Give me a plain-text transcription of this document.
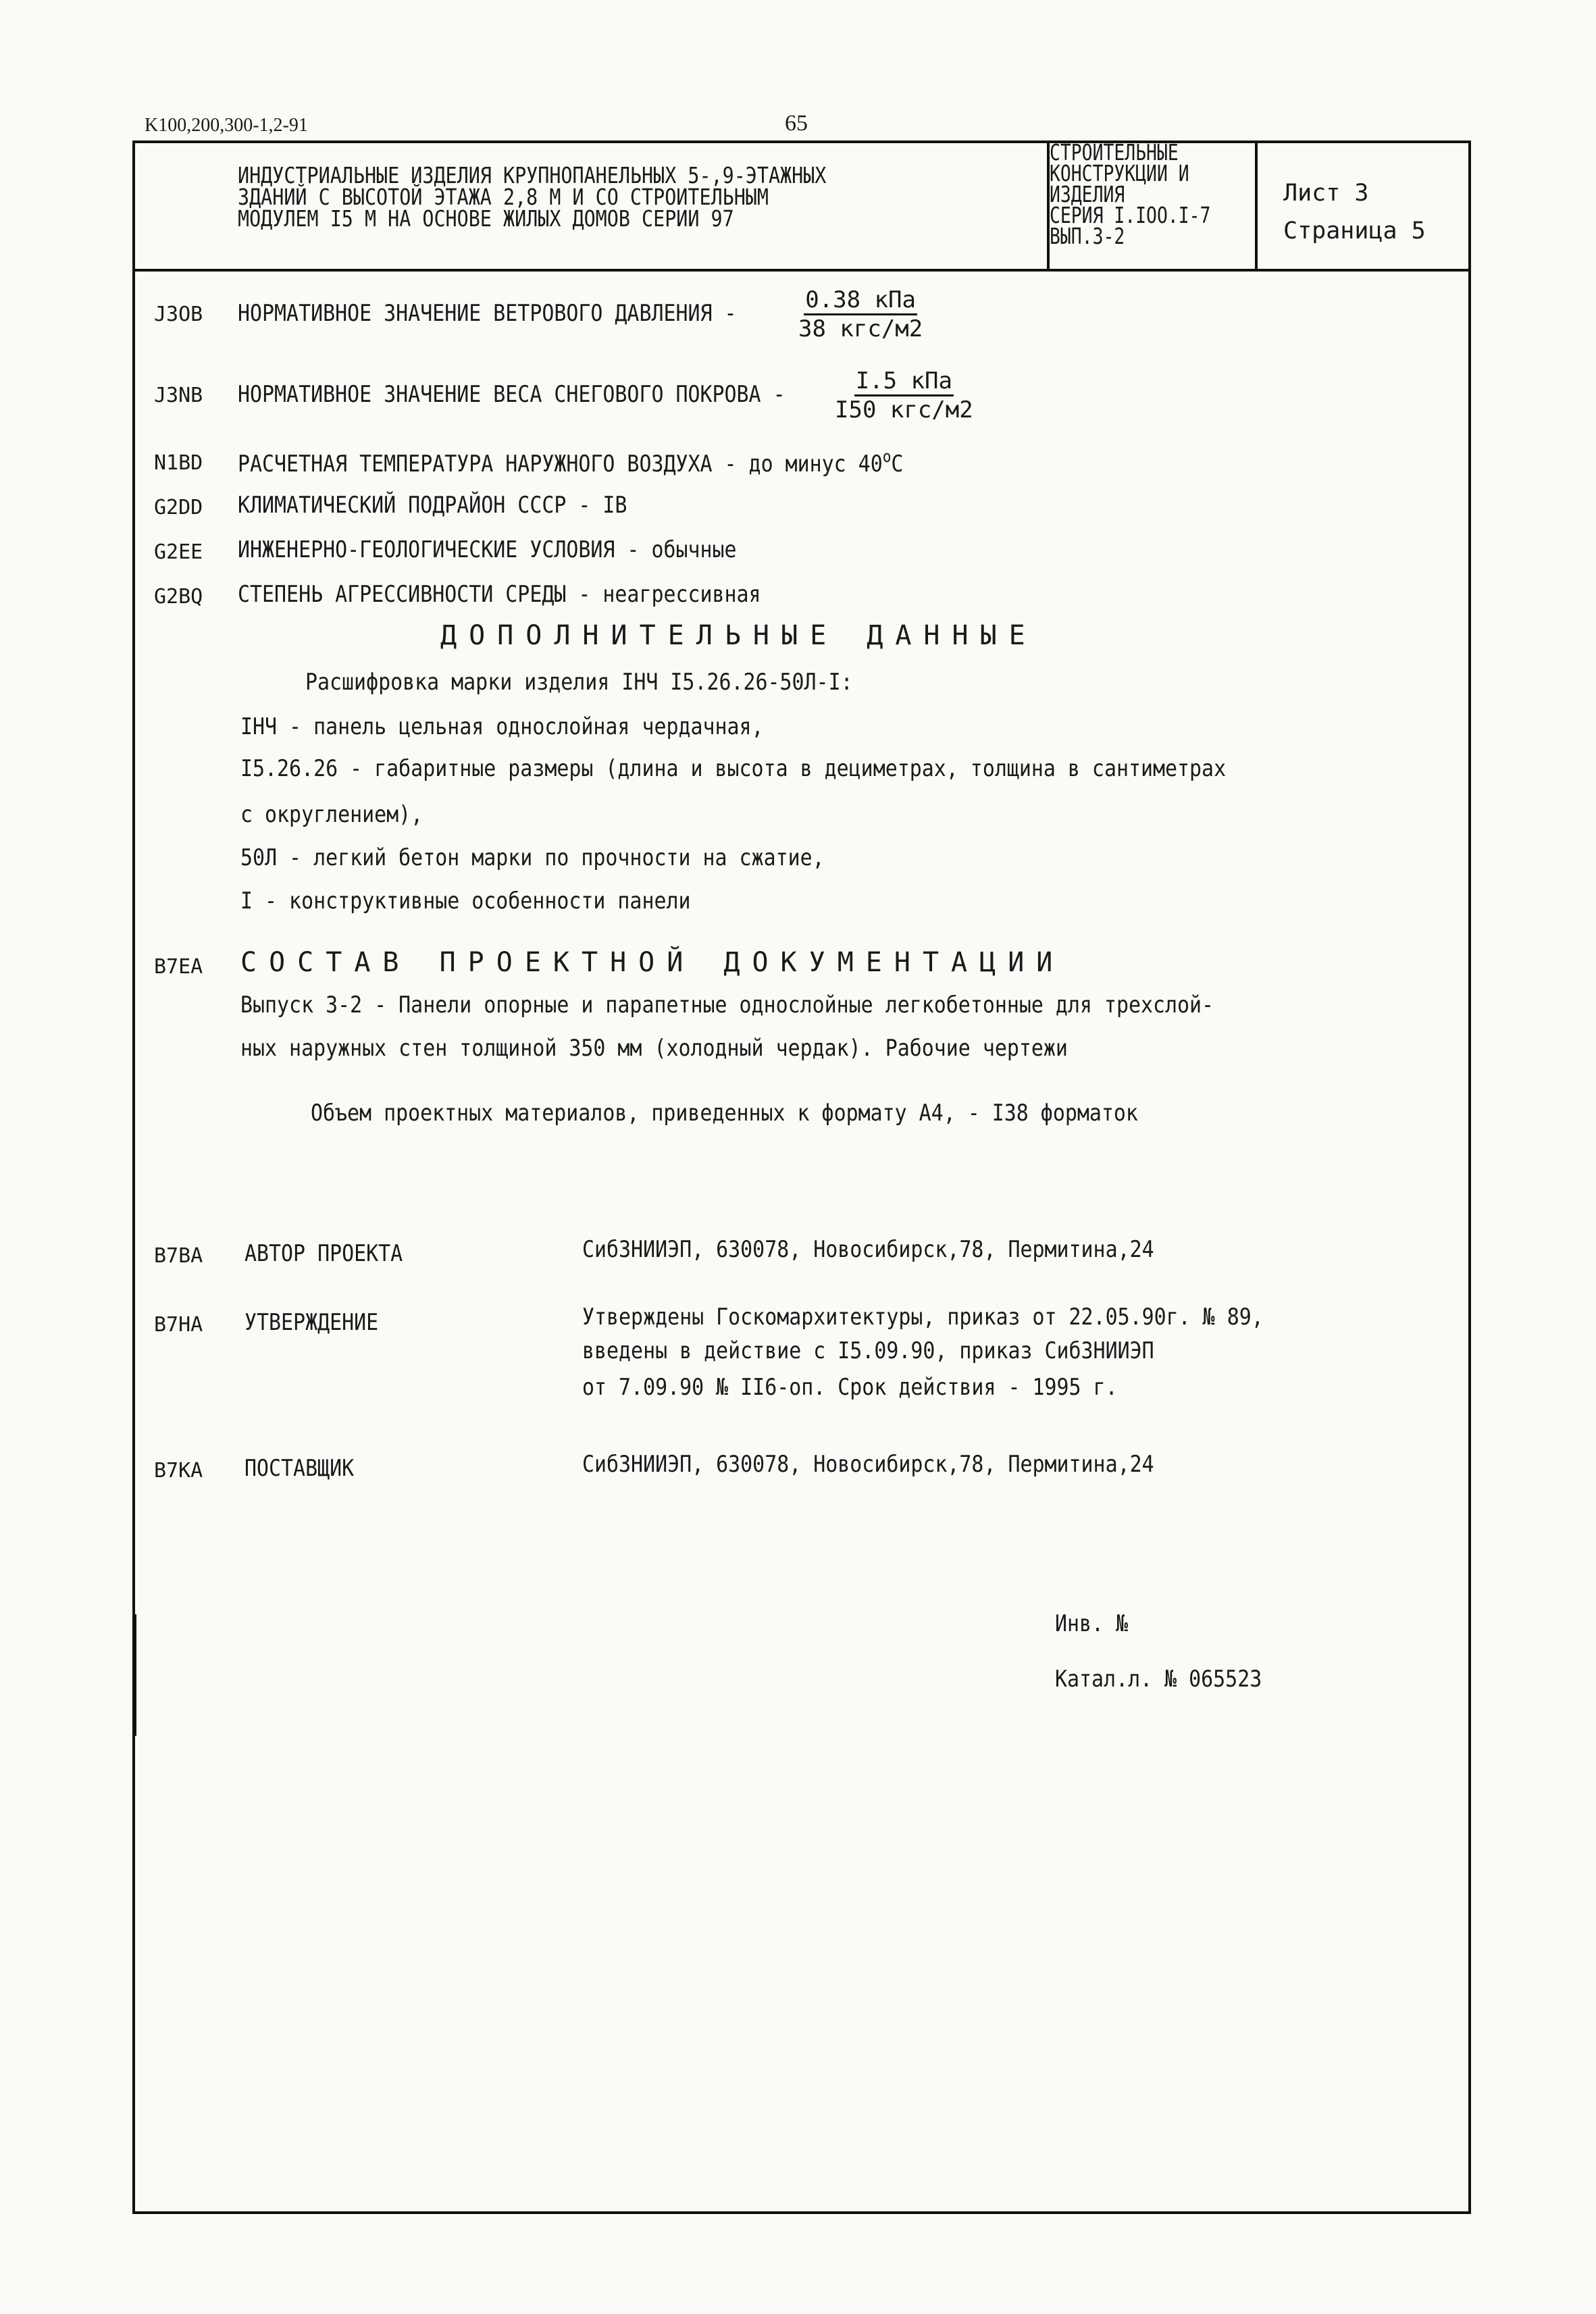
K100,200,300-1,2-91	65
ИНДУСТРИАЛЬНЫЕ ИЗДЕЛИЯ КРУПНОПАНЕЛЬНЫХ 5-,9-ЭТАЖНЫХ
ЗДАНИЙ С ВЫСОТОЙ ЭТАЖА 2,8 М И СО СТРОИТЕЛЬНЫМ
МОДУЛЕМ I5 М НА ОСНОВЕ ЖИЛЫХ ДОМОВ СЕРИИ 97
СТРОИТЕЛЬНЫЕ
КОНСТРУКЦИИ И
ИЗДЕЛИЯ
СЕРИЯ I.IOO.I-7
ВЫП.3-2
Лист 3
Страница 5
J3OB НОРМАТИВНОЕ ЗНАЧЕНИЕ ВЕТРОВОГО ДАВЛЕНИЯ -	0.38 кПа
38 кгс/м2
J3NB НОРМАТИВНОЕ ЗНАЧЕНИЕ ВЕСА СНЕГОВОГО ПОКРОВА -	I.5 кПа
I50 кгс/м2
N1BD РАСЧЕТНАЯ ТЕМПЕРАТУРА НАРУЖНОГО ВОЗДУХА - до минус $40^оС$
G2DD КЛИМАТИЧЕСКИЙ ПОДРАЙОН СССР - IВ
G2EE ИНЖЕНЕРНО-ГЕОЛОГИЧЕСКИЕ УСЛОВИЯ - обычные
G2BQ СТЕПЕНЬ АГРЕССИВНОСТИ СРЕДЫ - неагрессивная
ДОПОЛНИТЕЛЬНЫЕ ДАННЫЕ
Расшифровка марки изделия IНЧ I5.26.26-50Л-I:
IНЧ - панель цельная однослойная чердачная,
I5.26.26 - габаритные размеры (длина и высота в дециметрах, толщина в сантиметрах
с округлением),
50Л - легкий бетон марки по прочности на сжатие,
I - конструктивные особенности панели
B7EA СОСТАВ ПРОЕКТНОЙ ДОКУМЕНТАЦИИ
Выпуск 3-2 - Панели опорные и парапетные однослойные легкобетонные для трехслой-
ных наружных стен толщиной 350 мм (холодный чердак). Рабочие чертежи
Объем проектных материалов, приведенных к формату А4, - I38 форматок
B7BA АВТОР ПРОЕКТА	СибЗНИИЭП, 630078, Новосибирск,78, Пермитина,24
B7HA УТВЕРЖДЕНИЕ	Утверждены Госкомархитектуры, приказ от 22.05.90г. № 89,
введены в действие с I5.09.90, приказ СибЗНИИЭП
от 7.09.90 № II6-оп. Срок действия - 1995 г.
B7KA ПОСТАВЩИК	СибЗНИИЭП, 630078, Новосибирск,78, Пермитина,24
Инв. №
Катал.л. № 065523
